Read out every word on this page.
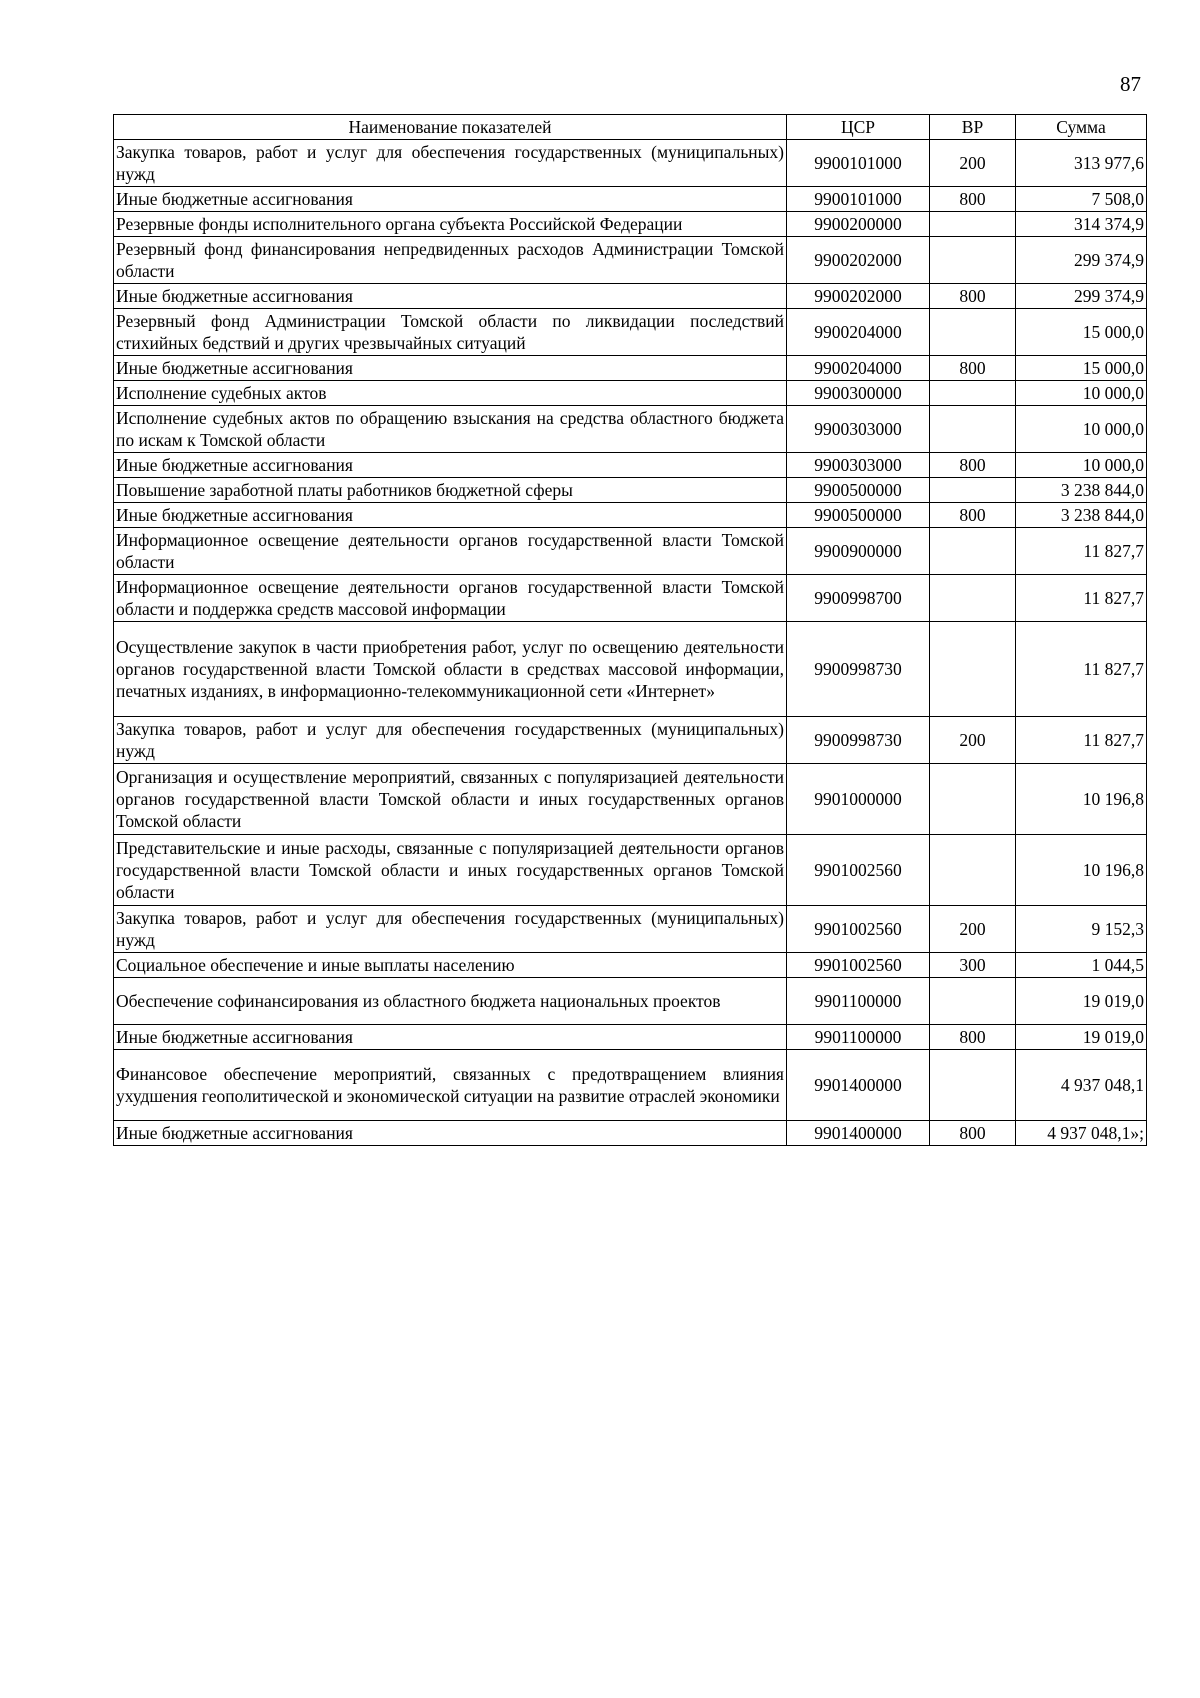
87
Наименование показателей	ЦСР	ВР	Сумма
Закупка товаров, работ и услуг для обеспечения государственных (муниципальных) нужд	9900101000	200	313 977,6
Иные бюджетные ассигнования	9900101000	800	7 508,0
Резервные фонды исполнительного органа субъекта Российской Федерации	9900200000		314 374,9
Резервный фонд финансирования непредвиденных расходов Администрации Томской области	9900202000		299 374,9
Иные бюджетные ассигнования	9900202000	800	299 374,9
Резервный фонд Администрации Томской области по ликвидации последствий стихийных бедствий и других чрезвычайных ситуаций	9900204000		15 000,0
Иные бюджетные ассигнования	9900204000	800	15 000,0
Исполнение судебных актов	9900300000		10 000,0
Исполнение судебных актов по обращению взыскания на средства областного бюджета по искам к Томской области	9900303000		10 000,0
Иные бюджетные ассигнования	9900303000	800	10 000,0
Повышение заработной платы работников бюджетной сферы	9900500000		3 238 844,0
Иные бюджетные ассигнования	9900500000	800	3 238 844,0
Информационное освещение деятельности органов государственной власти Томской области	9900900000		11 827,7
Информационное освещение деятельности органов государственной власти Томской области и поддержка средств массовой информации	9900998700		11 827,7
Осуществление закупок в части приобретения работ, услуг по освещению деятельности органов государственной власти Томской области в средствах массовой информации, печатных изданиях, в информационно-телекоммуникационной сети «Интернет»	9900998730		11 827,7
Закупка товаров, работ и услуг для обеспечения государственных (муниципальных) нужд	9900998730	200	11 827,7
Организация и осуществление мероприятий, связанных с популяризацией деятельности органов государственной власти Томской области и иных государственных органов Томской области	9901000000		10 196,8
Представительские и иные расходы, связанные с популяризацией деятельности органов государственной власти Томской области и иных государственных органов Томской области	9901002560		10 196,8
Закупка товаров, работ и услуг для обеспечения государственных (муниципальных) нужд	9901002560	200	9 152,3
Социальное обеспечение и иные выплаты населению	9901002560	300	1 044,5
Обеспечение софинансирования из областного бюджета национальных проектов	9901100000		19 019,0
Иные бюджетные ассигнования	9901100000	800	19 019,0
Финансовое обеспечение мероприятий, связанных с предотвращением влияния ухудшения геополитической и экономической ситуации на развитие отраслей экономики	9901400000		4 937 048,1
Иные бюджетные ассигнования	9901400000	800	4 937 048,1»;
